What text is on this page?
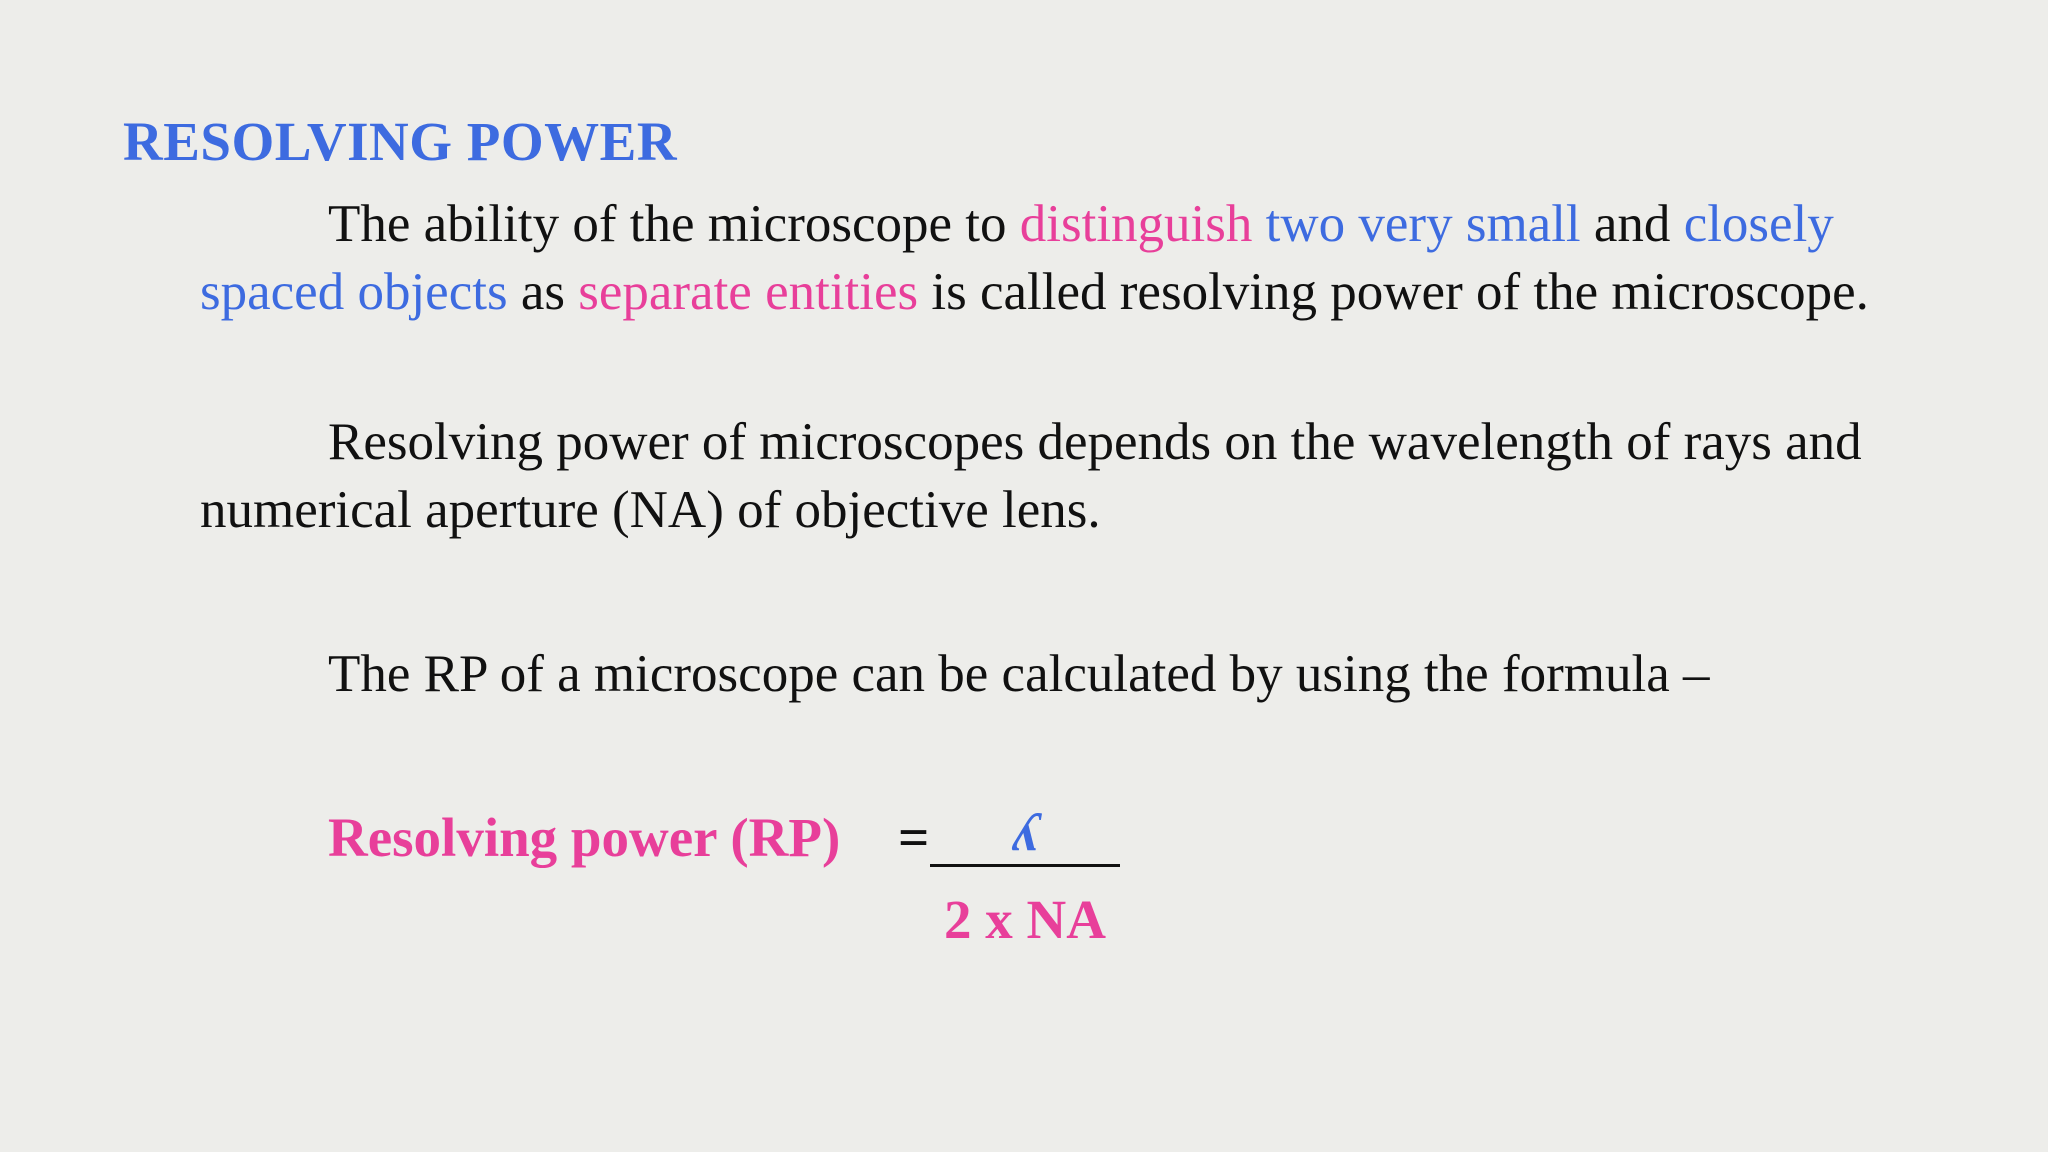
RESOLVING POWER

The ability of the microscope to distinguish two very small and closely spaced objects as separate entities is called resolving power of the microscope.

Resolving power of microscopes depends on the wavelength of rays and numerical aperture (NA) of objective lens.

The RP of a microscope can be calculated by using the formula –

Resolving power (RP) =	ʎ
2 x NA
